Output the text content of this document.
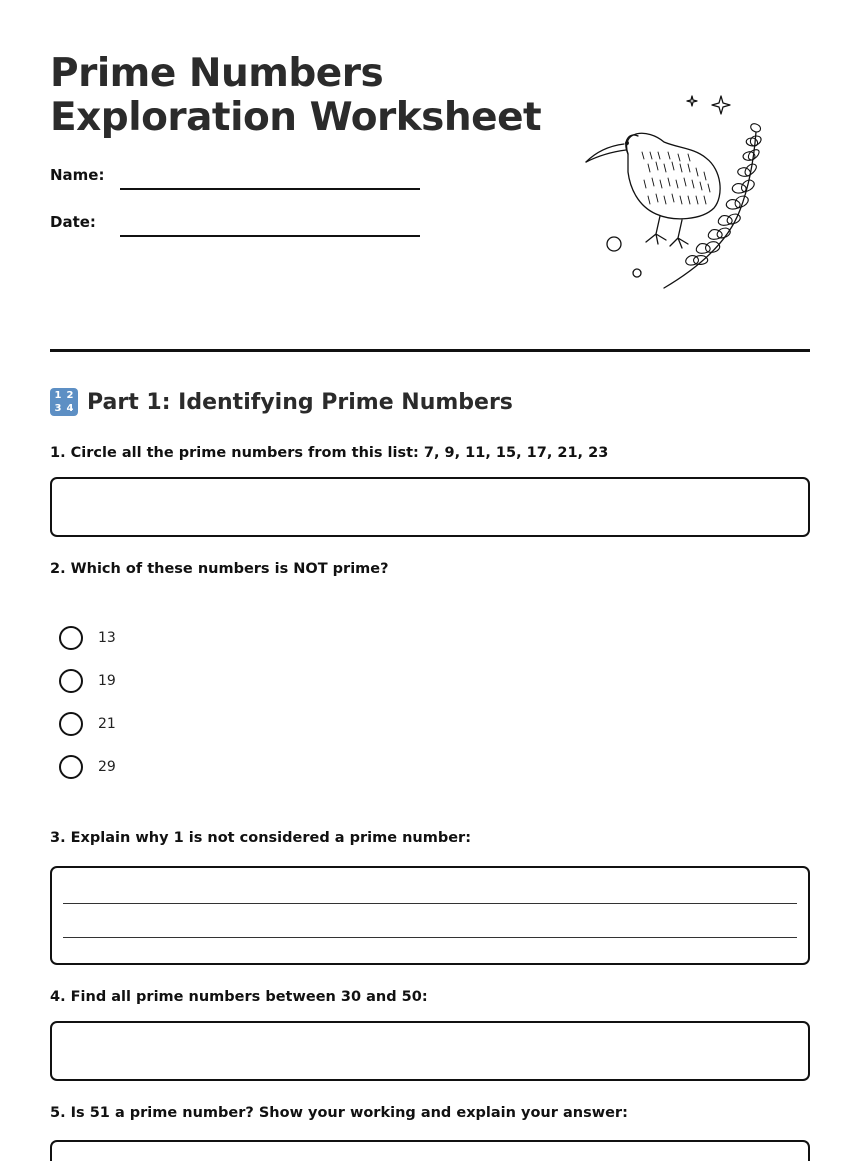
Prime Numbers
Exploration Worksheet
Name:
Date:
1 2
3 4 Part 1: Identifying Prime Numbers
1. Circle all the prime numbers from this list: 7, 9, 11, 15, 17, 21, 23
2. Which of these numbers is NOT prime?
13
19
21
29
3. Explain why 1 is not considered a prime number:
4. Find all prime numbers between 30 and 50:
5. Is 51 a prime number? Show your working and explain your answer:
